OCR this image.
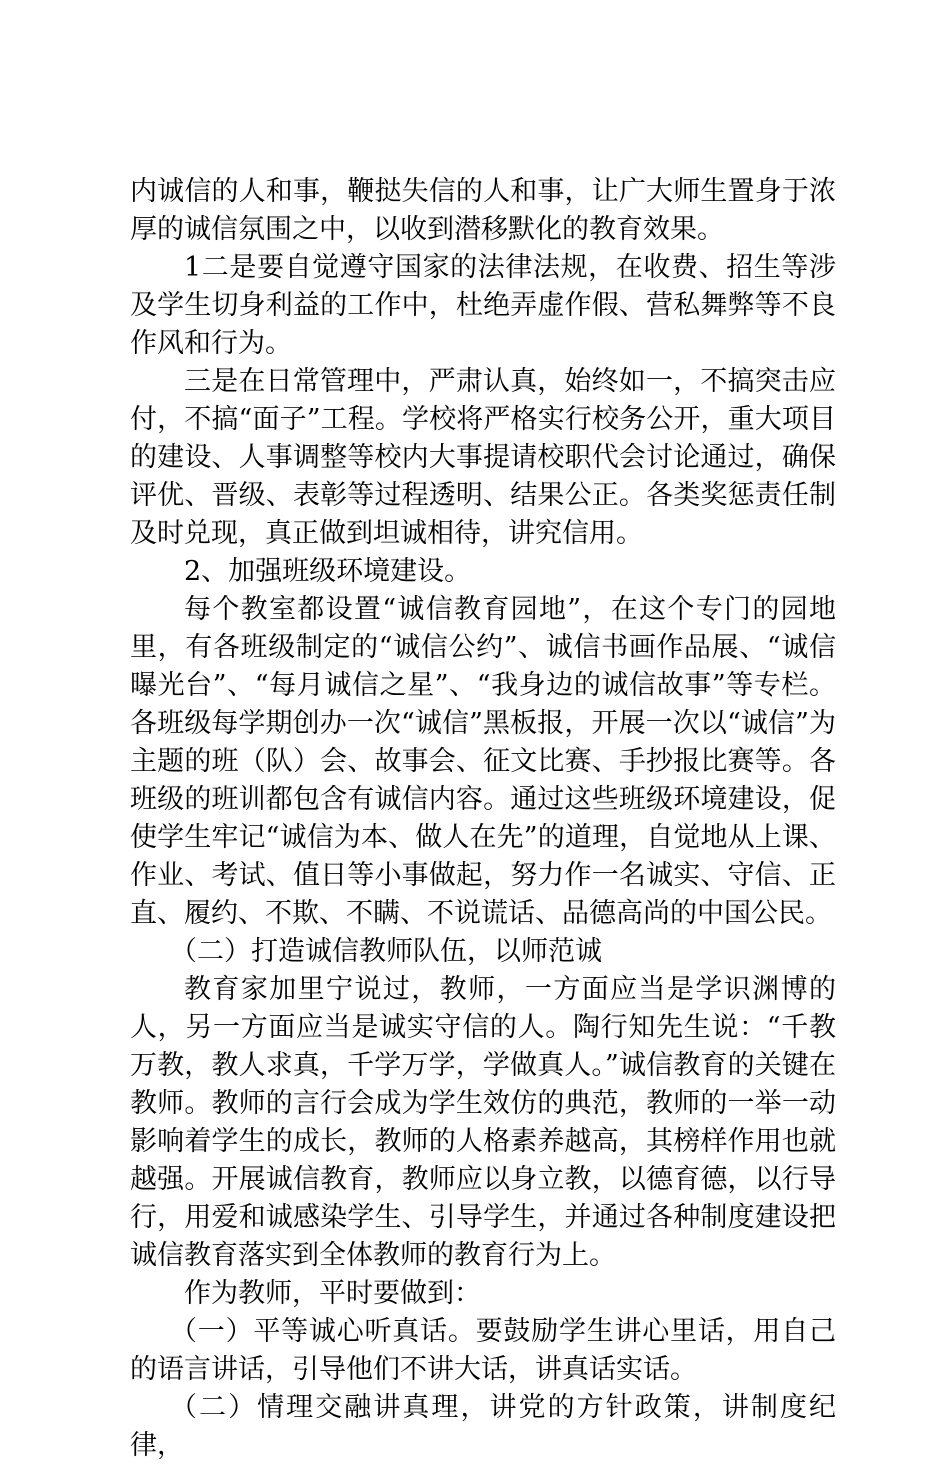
内诚信的人和事，鞭挞失信的人和事，让广大师生置身于浓厚的诚信氛围之中，以收到潜移默化的教育效果。

1二是要自觉遵守国家的法律法规，在收费、招生等涉及学生切身利益的工作中，杜绝弄虚作假、营私舞弊等不良作风和行为。

三是在日常管理中，严肃认真，始终如一，不搞突击应付，不搞“面子”工程。学校将严格实行校务公开，重大项目的建设、人事调整等校内大事提请校职代会讨论通过，确保评优、晋级、表彰等过程透明、结果公正。各类奖惩责任制及时兑现，真正做到坦诚相待，讲究信用。

2、加强班级环境建设。

每个教室都设置“诚信教育园地”，在这个专门的园地里，有各班级制定的“诚信公约”、诚信书画作品展、“诚信曝光台”、“每月诚信之星”、“我身边的诚信故事”等专栏。各班级每学期创办一次“诚信”黑板报，开展一次以“诚信”为主题的班（队）会、故事会、征文比赛、手抄报比赛等。各班级的班训都包含有诚信内容。通过这些班级环境建设，促使学生牢记“诚信为本、做人在先”的道理，自觉地从上课、作业、考试、值日等小事做起，努力作一名诚实、守信、正直、履约、不欺、不瞒、不说谎话、品德高尚的中国公民。

（二）打造诚信教师队伍，以师范诚

教育家加里宁说过，教师，一方面应当是学识渊博的人，另一方面应当是诚实守信的人。陶行知先生说：“千教万教，教人求真，千学万学，学做真人。”诚信教育的关键在教师。教师的言行会成为学生效仿的典范，教师的一举一动影响着学生的成长，教师的人格素养越高，其榜样作用也就越强。开展诚信教育，教师应以身立教，以德育德，以行导行，用爱和诚感染学生、引导学生，并通过各种制度建设把诚信教育落实到全体教师的教育行为上。

作为教师，平时要做到：

（一）平等诚心听真话。要鼓励学生讲心里话，用自己的语言讲话，引导他们不讲大话，讲真话实话。

（二）情理交融讲真理，讲党的方针政策，讲制度纪律，
